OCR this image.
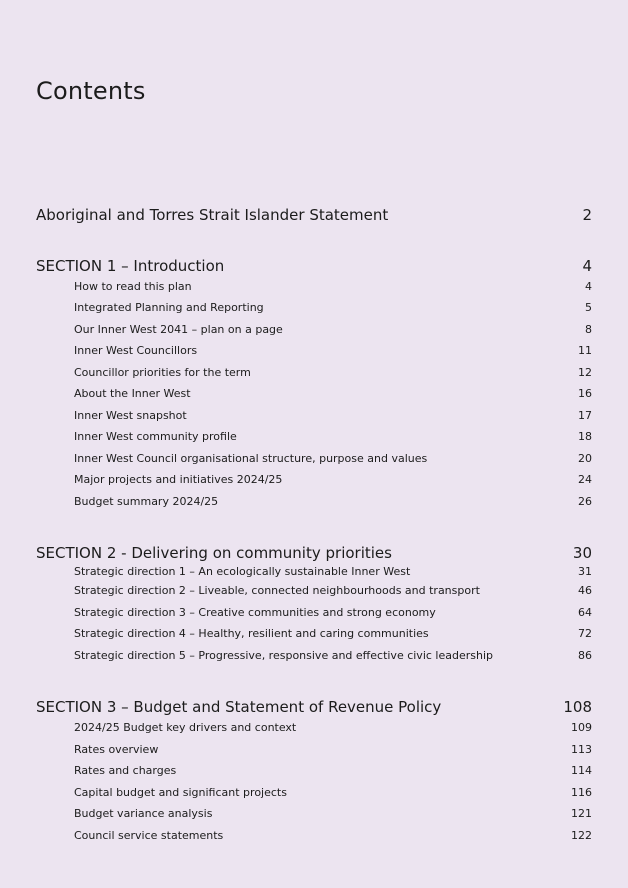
Contents
Aboriginal and Torres Strait Islander Statement	2
SECTION 1 – Introduction	4
How to read this plan	4
Integrated Planning and Reporting	5
Our Inner West 2041 – plan on a page	8
Inner West Councillors	11
Councillor priorities for the term	12
About the Inner West	16
Inner West snapshot	17
Inner West community profile	18
Inner West Council organisational structure, purpose and values	20
Major projects and initiatives 2024/25	24
Budget summary 2024/25	26
SECTION 2 - Delivering on community priorities	30
Strategic direction 1 – An ecologically sustainable Inner West	31
Strategic direction 2 – Liveable, connected neighbourhoods and transport	46
Strategic direction 3 – Creative communities and strong economy	64
Strategic direction 4 – Healthy, resilient and caring communities	72
Strategic direction 5 – Progressive, responsive and effective civic leadership	86
SECTION 3 – Budget and Statement of Revenue Policy	108
2024/25 Budget key drivers and context	109
Rates overview	113
Rates and charges	114
Capital budget and significant projects	116
Budget variance analysis	121
Council service statements	122
